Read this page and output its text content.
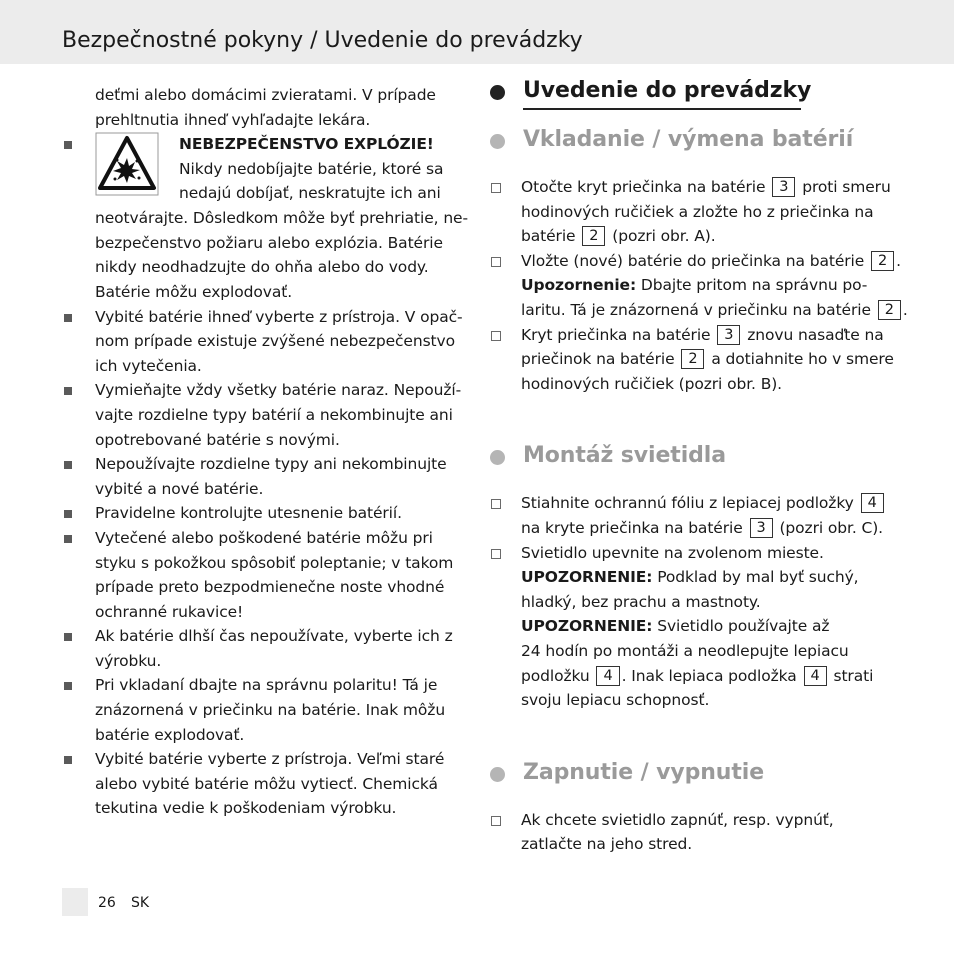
Bezpečnostné pokyny / Uvedenie do prevádzky
deťmi alebo domácimi zvieratami. V prípade
prehltnutia ihneď vyhľadajte lekára.
NEBEZPEČENSTVO EXPLÓZIE!
Nikdy nedobíjajte batérie, ktoré sa
nedajú dobíjať, neskratujte ich ani
neotvárajte. Dôsledkom môže byť prehriatie, ne-
bezpečenstvo požiaru alebo explózia. Batérie
nikdy neodhadzujte do ohňa alebo do vody.
Batérie môžu explodovať.
Vybité batérie ihneď vyberte z prístroja. V opač-
nom prípade existuje zvýšené nebezpečenstvo
ich vytečenia.
Vymieňajte vždy všetky batérie naraz. Nepouží-
vajte rozdielne typy batérií a nekombinujte ani
opotrebované batérie s novými.
Nepoužívajte rozdielne typy ani nekombinujte
vybité a nové batérie.
Pravidelne kontrolujte utesnenie batérií.
Vytečené alebo poškodené batérie môžu pri
styku s pokožkou spôsobiť poleptanie; v takom
prípade preto bezpodmienečne noste vhodné
ochranné rukavice!
Ak batérie dlhší čas nepoužívate, vyberte ich z
výrobku.
Pri vkladaní dbajte na správnu polaritu! Tá je
znázornená v priečinku na batérie. Inak môžu
batérie explodovať.
Vybité batérie vyberte z prístroja. Veľmi staré
alebo vybité batérie môžu vytiecť. Chemická
tekutina vedie k poškodeniam výrobku.
Uvedenie do prevádzky
Vkladanie / výmena batérií
Otočte kryt priečinka na batérie 3 proti smeru
hodinových ručičiek a zložte ho z priečinka na
batérie 2 (pozri obr. A).
Vložte (nové) batérie do priečinka na batérie 2 .
Upozornenie: Dbajte pritom na správnu po-
laritu. Tá je znázornená v priečinku na batérie 2 .
Kryt priečinka na batérie 3 znovu nasaďte na
priečinok na batérie 2 a dotiahnite ho v smere
hodinových ručičiek (pozri obr. B).
Montáž svietidla
Stiahnite ochrannú fóliu z lepiacej podložky 4
na kryte priečinka na batérie 3 (pozri obr. C).
Svietidlo upevnite na zvolenom mieste.
UPOZORNENIE: Podklad by mal byť suchý,
hladký, bez prachu a mastnoty.
UPOZORNENIE: Svietidlo používajte až
24 hodín po montáži a neodlepujte lepiacu
podložku 4 . Inak lepiaca podložka 4 strati
svoju lepiacu schopnosť.
Zapnutie / vypnutie
Ak chcete svietidlo zapnúť, resp. vypnúť,
zatlačte na jeho stred.
26 SK
